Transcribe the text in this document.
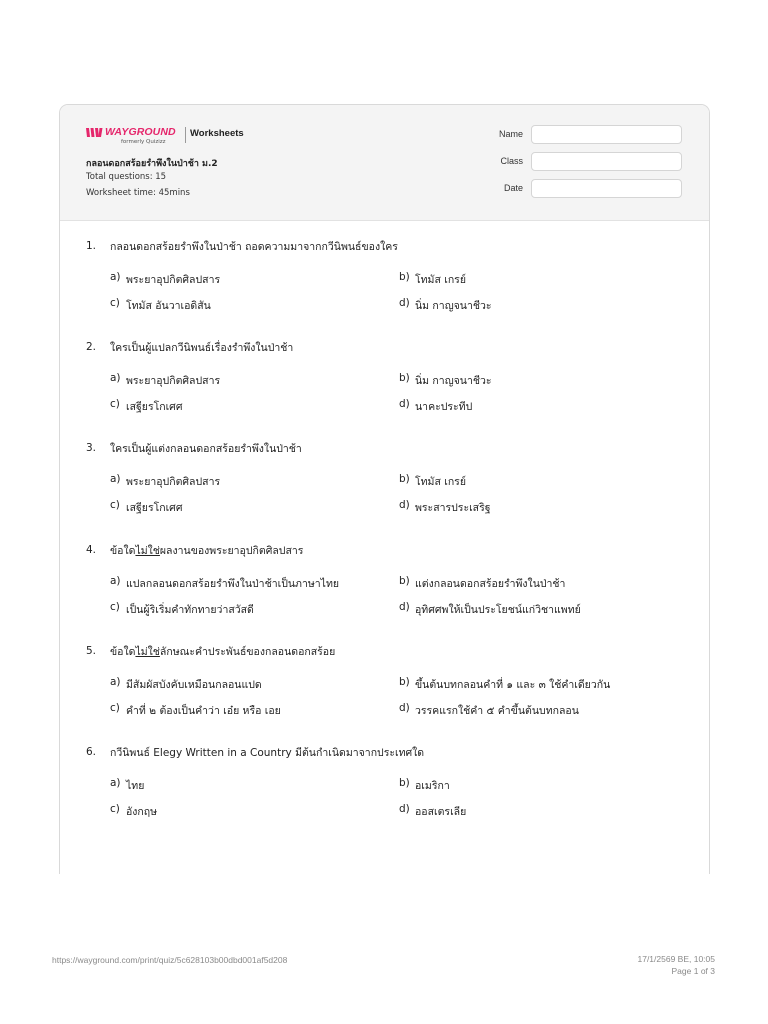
WAYGROUND
formerly Quizizz
Worksheets
กลอนดอกสร้อยรำพึงในป่าช้า ม.2
Total questions: 15
Worksheet time: 45mins
Name
Class
Date
1.	กลอนดอกสร้อยรำพึงในป่าช้า ถอดความมาจากกวีนิพนธ์ของใคร
a) พระยาอุปกิตศิลปสาร	b) โทมัส เกรย์
c) โทมัส อันวาเอดิสัน	d) นิ่ม กาญจนาชีวะ
2.	ใครเป็นผู้แปลกวีนิพนธ์เรื่องรำพึงในป่าช้า
a) พระยาอุปกิตศิลปสาร	b) นิ่ม กาญจนาชีวะ
c) เสฐียรโกเศศ	d) นาคะประทีป
3.	ใครเป็นผู้แต่งกลอนดอกสร้อยรำพึงในป่าช้า
a) พระยาอุปกิตศิลปสาร	b) โทมัส เกรย์
c) เสฐียรโกเศศ	d) พระสารประเสริฐ
4.	ข้อใดไม่ใช่ผลงานของพระยาอุปกิตศิลปสาร
a) แปลกลอนดอกสร้อยรำพึงในป่าช้าเป็นภาษาไทย	b) แต่งกลอนดอกสร้อยรำพึงในป่าช้า
c) เป็นผู้ริเริ่มคำทักทายว่าสวัสดี	d) อุทิศศพให้เป็นประโยชน์แก่วิชาแพทย์
5.	ข้อใดไม่ใช่ลักษณะคำประพันธ์ของกลอนดอกสร้อย
a) มีสัมผัสบังคับเหมือนกลอนแปด	b) ขึ้นต้นบทกลอนคำที่ ๑ และ ๓ ใช้คำเดียวกัน
c) คำที่ ๒ ต้องเป็นคำว่า เอ๋ย หรือ เอย	d) วรรคแรกใช้คำ ๕ คำขึ้นต้นบทกลอน
6.	กวีนิพนธ์ Elegy Written in a Country มีต้นกำเนิดมาจากประเทศใด
a) ไทย	b) อเมริกา
c) อังกฤษ	d) ออสเตรเลีย
https://wayground.com/print/quiz/5c628103b00dbd001af5d208	17/1/2569 BE, 10:05
Page 1 of 3
